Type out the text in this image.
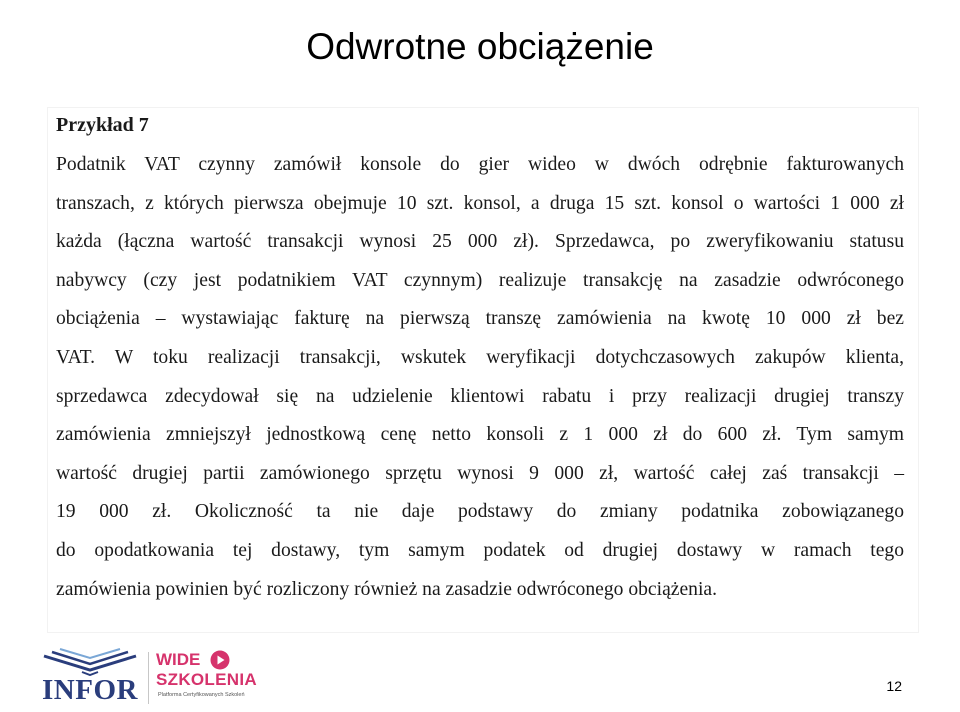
Odwrotne obciążenie
Przykład 7
Podatnik VAT czynny zamówił konsole do gier wideo w dwóch odrębnie fakturowanych
transzach, z których pierwsza obejmuje 10 szt. konsol, a druga 15 szt. konsol o wartości 1 000 zł
każda (łączna wartość transakcji wynosi 25 000 zł). Sprzedawca, po zweryfikowaniu statusu
nabywcy (czy jest podatnikiem VAT czynnym) realizuje transakcję na zasadzie odwróconego
obciążenia – wystawiając fakturę na pierwszą transzę zamówienia na kwotę 10 000 zł bez
VAT. W toku realizacji transakcji, wskutek weryfikacji dotychczasowych zakupów klienta,
sprzedawca zdecydował się na udzielenie klientowi rabatu i przy realizacji drugiej transzy
zamówienia zmniejszył jednostkową cenę netto konsoli z 1 000 zł do 600 zł. Tym samym
wartość drugiej partii zamówionego sprzętu wynosi 9 000 zł, wartość całej zaś transakcji –
19 000 zł. Okoliczność ta nie daje podstawy do zmiany podatnika zobowiązanego
do opodatkowania tej dostawy, tym samym podatek od drugiej dostawy w ramach tego
zamówienia powinien być rozliczony również na zasadzie odwróconego obciążenia.
INFOR
WIDE
SZKOLENIA
Platforma Certyfikowanych Szkoleń
12
